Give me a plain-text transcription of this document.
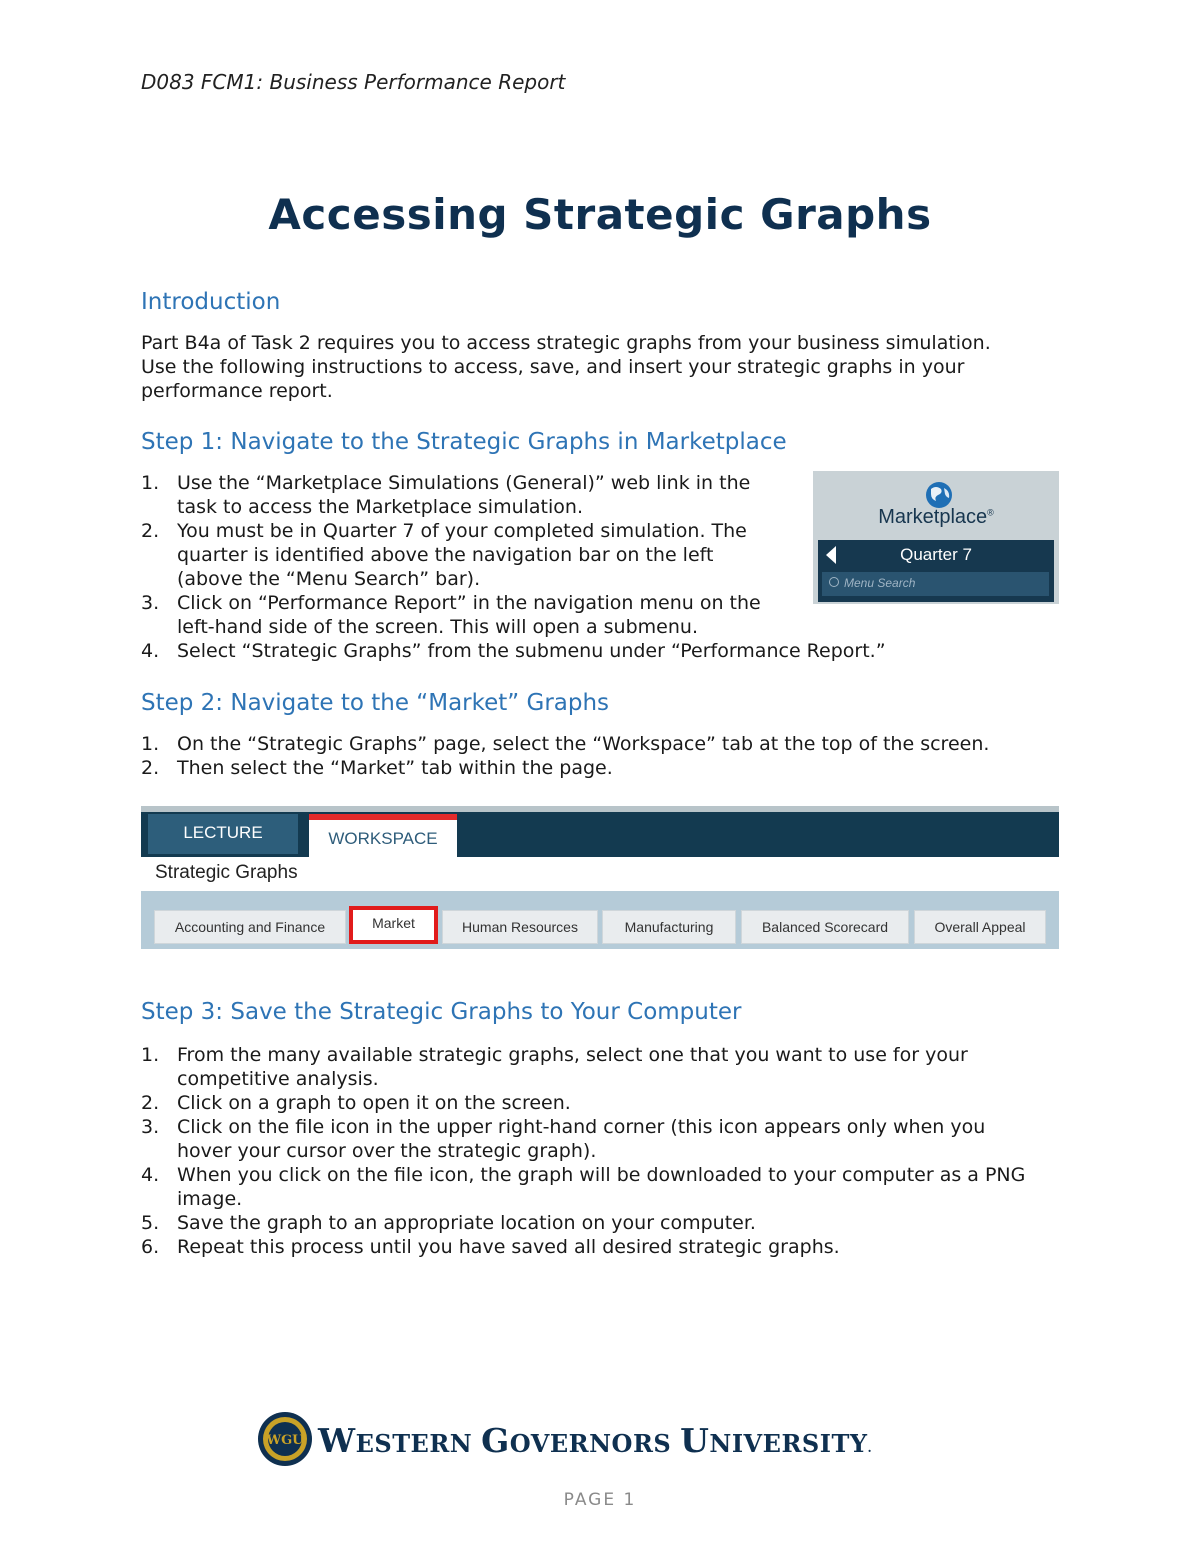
D083 FCM1: Business Performance Report
Accessing Strategic Graphs
Introduction
Part B4a of Task 2 requires you to access strategic graphs from your business simulation.
Use the following instructions to access, save, and insert your strategic graphs in your
performance report.
Step 1: Navigate to the Strategic Graphs in Marketplace
1. Use the “Marketplace Simulations (General)” web link in the
task to access the Marketplace simulation.
2. You must be in Quarter 7 of your completed simulation. The
quarter is identified above the navigation bar on the left
(above the “Menu Search” bar).
3. Click on “Performance Report” in the navigation menu on the
left-hand side of the screen. This will open a submenu.
4. Select “Strategic Graphs” from the submenu under “Performance Report.”
Marketplace®
Quarter 7
Menu Search
Step 2: Navigate to the “Market” Graphs
1. On the “Strategic Graphs” page, select the “Workspace” tab at the top of the screen.
2. Then select the “Market” tab within the page.
LECTURE	WORKSPACE
Strategic Graphs
Accounting and Finance	Market	Human Resources	Manufacturing	Balanced Scorecard	Overall Appeal
Step 3: Save the Strategic Graphs to Your Computer
1. From the many available strategic graphs, select one that you want to use for your
competitive analysis.
2. Click on a graph to open it on the screen.
3. Click on the file icon in the upper right-hand corner (this icon appears only when you
hover your cursor over the strategic graph).
4. When you click on the file icon, the graph will be downloaded to your computer as a PNG
image.
5. Save the graph to an appropriate location on your computer.
6. Repeat this process until you have saved all desired strategic graphs.
WGU WESTERN GOVERNORS UNIVERSITY.
PAGE 1
